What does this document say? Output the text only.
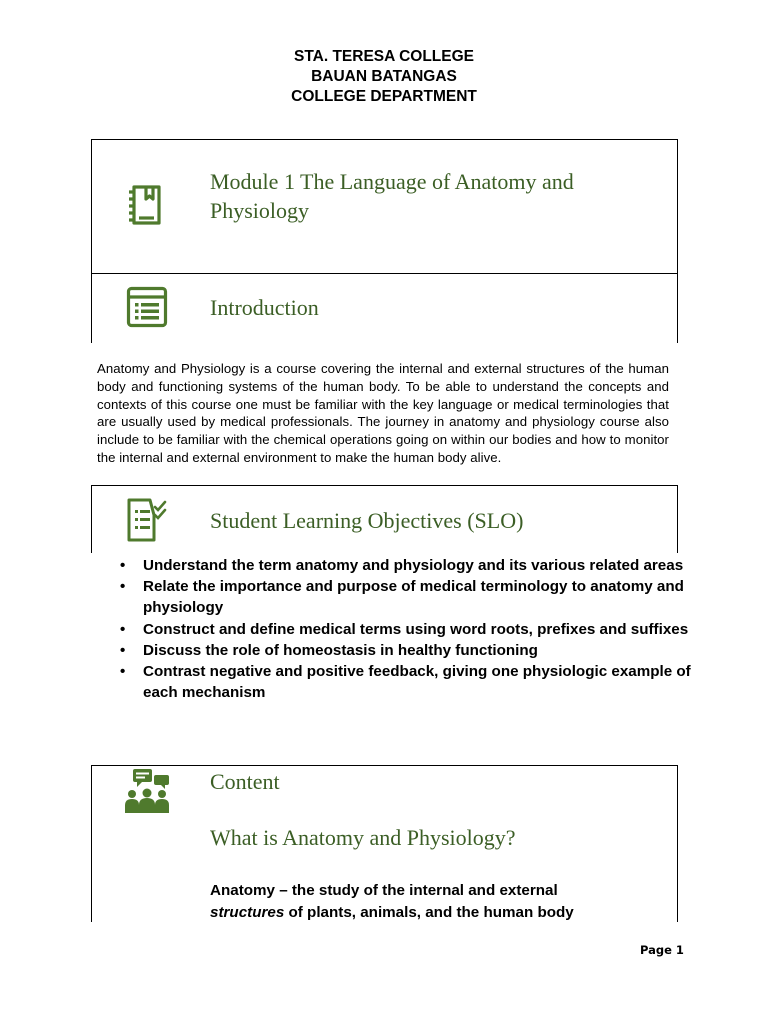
STA. TERESA COLLEGE
BAUAN BATANGAS
COLLEGE DEPARTMENT
Module 1 The Language of Anatomy and
Physiology
Introduction
Anatomy and Physiology is a course covering the internal and external structures of the human body and functioning systems of the human body. To be able to understand the concepts and contexts of this course one must be familiar with the key language or medical terminologies that are usually used by medical professionals. The journey in anatomy and physiology course also include to be familiar with the chemical operations going on within our bodies and how to monitor the internal and external environment to make the human body alive.
Student Learning Objectives (SLO)
• Understand the term anatomy and physiology and its various related areas
• Relate the importance and purpose of medical terminology to anatomy and physiology
• Construct and define medical terms using word roots, prefixes and suffixes
• Discuss the role of homeostasis in healthy functioning
• Contrast negative and positive feedback, giving one physiologic example of each mechanism
Content
What is Anatomy and Physiology?
Anatomy – the study of the internal and external
structures of plants, animals, and the human body
Page 1
